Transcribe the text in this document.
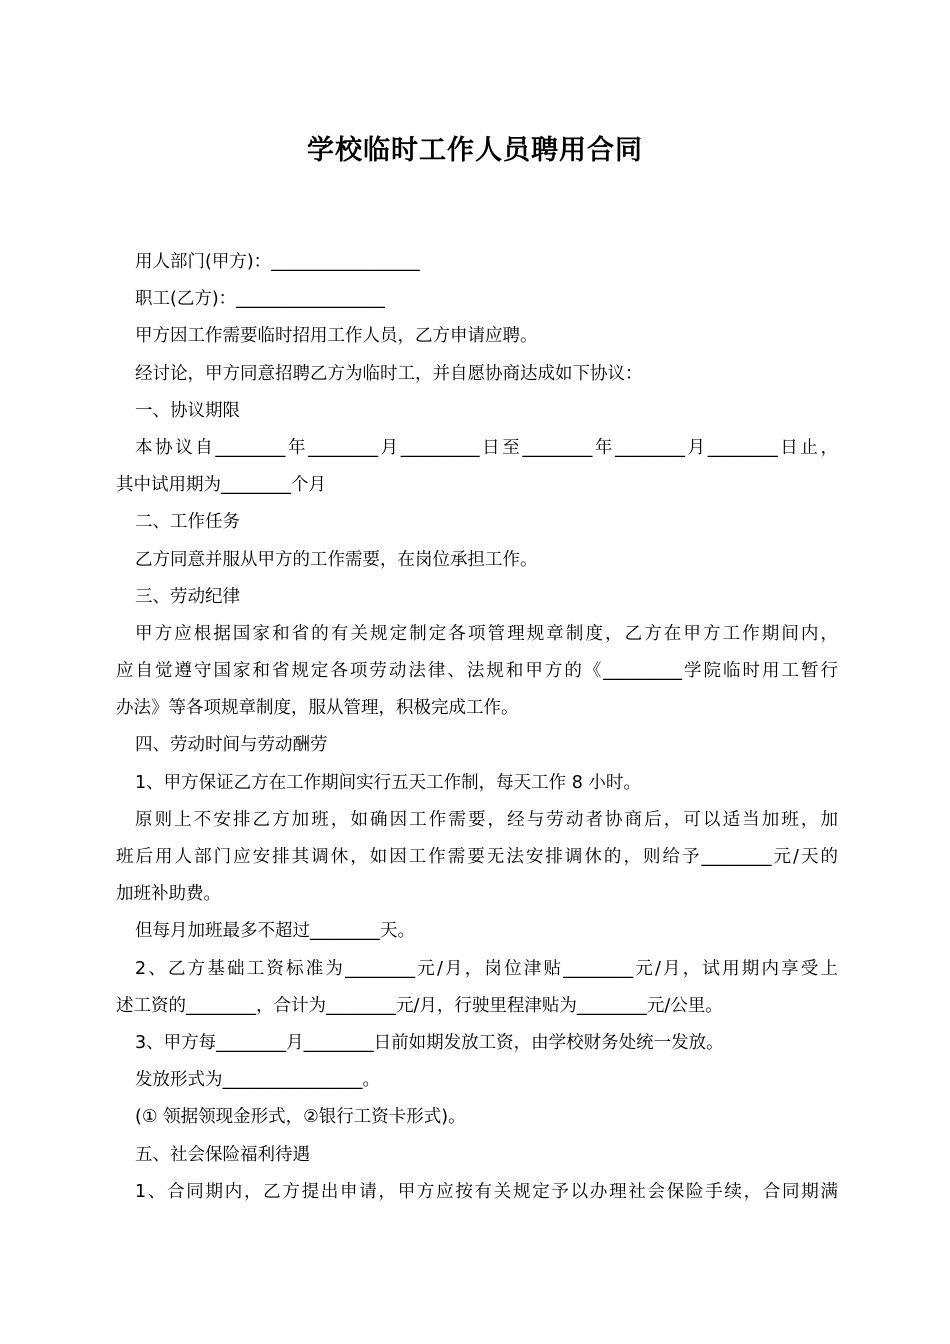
学校临时工作人员聘用合同

用人部门(甲方)：_________________

职工(乙方)：_________________

甲方因工作需要临时招用工作人员，乙方申请应聘。

经讨论，甲方同意招聘乙方为临时工，并自愿协商达成如下协议：

一、协议期限

本协议自________年________月_________日至________年________月________日止，

其中试用期为________个月

二、工作任务

乙方同意并服从甲方的工作需要，在岗位承担工作。

三、劳动纪律

甲方应根据国家和省的有关规定制定各项管理规章制度，乙方在甲方工作期间内，

应自觉遵守国家和省规定各项劳动法律、法规和甲方的《_________学院临时用工暂行

办法》等各项规章制度，服从管理，积极完成工作。

四、劳动时间与劳动酬劳

1、甲方保证乙方在工作期间实行五天工作制，每天工作 8 小时。

原则上不安排乙方加班，如确因工作需要，经与劳动者协商后，可以适当加班，加

班后用人部门应安排其调休，如因工作需要无法安排调休的，则给予________元/天的

加班补助费。

但每月加班最多不超过________天。

2、乙方基础工资标准为________元/月，岗位津贴________元/月，试用期内享受上

述工资的________，合计为________元/月，行驶里程津贴为________元/公里。

3、甲方每________月________日前如期发放工资，由学校财务处统一发放。

发放形式为________________。

(① 领据领现金形式，②银行工资卡形式)。

五、社会保险福利待遇

1、合同期内，乙方提出申请，甲方应按有关规定予以办理社会保险手续，合同期满
